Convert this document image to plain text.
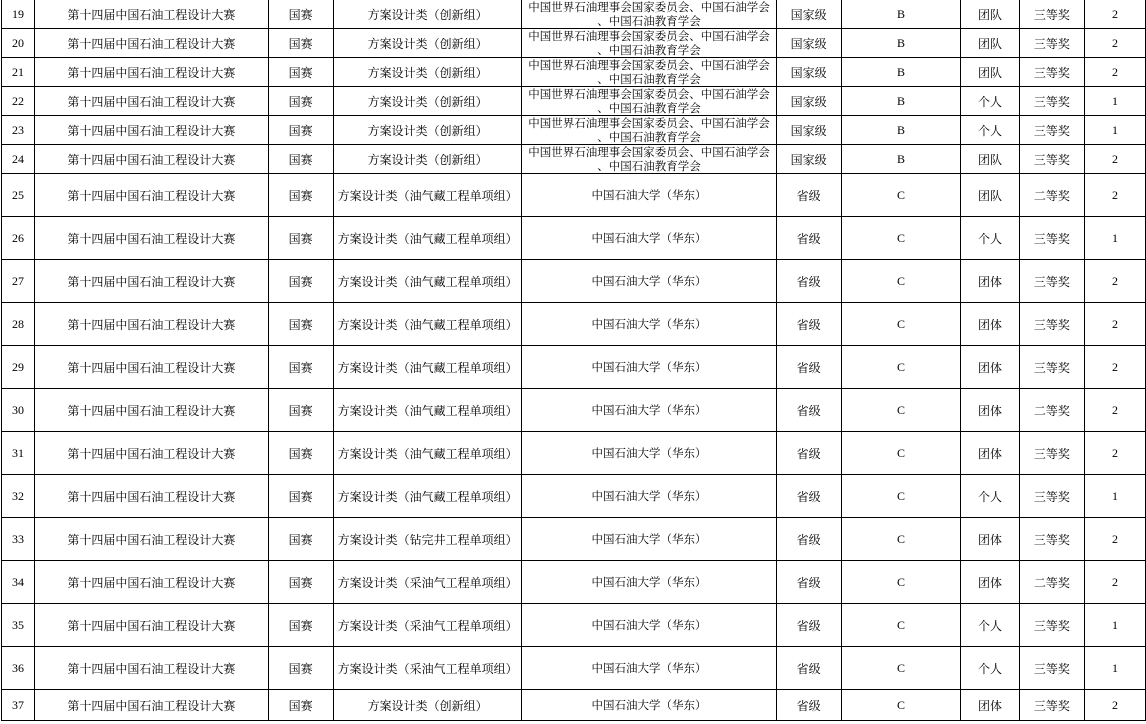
19	第十四届中国石油工程设计大赛	国赛	方案设计类（创新组）	中国世界石油理事会国家委员会、中国石油学会
、中国石油教育学会	国家级	B	团队	三等奖	2
20	第十四届中国石油工程设计大赛	国赛	方案设计类（创新组）	中国世界石油理事会国家委员会、中国石油学会
、中国石油教育学会	国家级	B	团队	三等奖	2
21	第十四届中国石油工程设计大赛	国赛	方案设计类（创新组）	中国世界石油理事会国家委员会、中国石油学会
、中国石油教育学会	国家级	B	团队	三等奖	2
22	第十四届中国石油工程设计大赛	国赛	方案设计类（创新组）	中国世界石油理事会国家委员会、中国石油学会
、中国石油教育学会	国家级	B	个人	三等奖	1
23	第十四届中国石油工程设计大赛	国赛	方案设计类（创新组）	中国世界石油理事会国家委员会、中国石油学会
、中国石油教育学会	国家级	B	个人	三等奖	1
24	第十四届中国石油工程设计大赛	国赛	方案设计类（创新组）	中国世界石油理事会国家委员会、中国石油学会
、中国石油教育学会	国家级	B	团队	三等奖	2
25	第十四届中国石油工程设计大赛	国赛	方案设计类（油气藏工程单项组）	中国石油大学（华东）	省级	C	团队	二等奖	2
26	第十四届中国石油工程设计大赛	国赛	方案设计类（油气藏工程单项组）	中国石油大学（华东）	省级	C	个人	三等奖	1
27	第十四届中国石油工程设计大赛	国赛	方案设计类（油气藏工程单项组）	中国石油大学（华东）	省级	C	团体	三等奖	2
28	第十四届中国石油工程设计大赛	国赛	方案设计类（油气藏工程单项组）	中国石油大学（华东）	省级	C	团体	三等奖	2
29	第十四届中国石油工程设计大赛	国赛	方案设计类（油气藏工程单项组）	中国石油大学（华东）	省级	C	团体	三等奖	2
30	第十四届中国石油工程设计大赛	国赛	方案设计类（油气藏工程单项组）	中国石油大学（华东）	省级	C	团体	二等奖	2
31	第十四届中国石油工程设计大赛	国赛	方案设计类（油气藏工程单项组）	中国石油大学（华东）	省级	C	团体	三等奖	2
32	第十四届中国石油工程设计大赛	国赛	方案设计类（油气藏工程单项组）	中国石油大学（华东）	省级	C	个人	三等奖	1
33	第十四届中国石油工程设计大赛	国赛	方案设计类（钻完井工程单项组）	中国石油大学（华东）	省级	C	团体	三等奖	2
34	第十四届中国石油工程设计大赛	国赛	方案设计类（采油气工程单项组）	中国石油大学（华东）	省级	C	团体	二等奖	2
35	第十四届中国石油工程设计大赛	国赛	方案设计类（采油气工程单项组）	中国石油大学（华东）	省级	C	个人	三等奖	1
36	第十四届中国石油工程设计大赛	国赛	方案设计类（采油气工程单项组）	中国石油大学（华东）	省级	C	个人	三等奖	1
37	第十四届中国石油工程设计大赛	国赛	方案设计类（创新组）	中国石油大学（华东）	省级	C	团体	三等奖	2
